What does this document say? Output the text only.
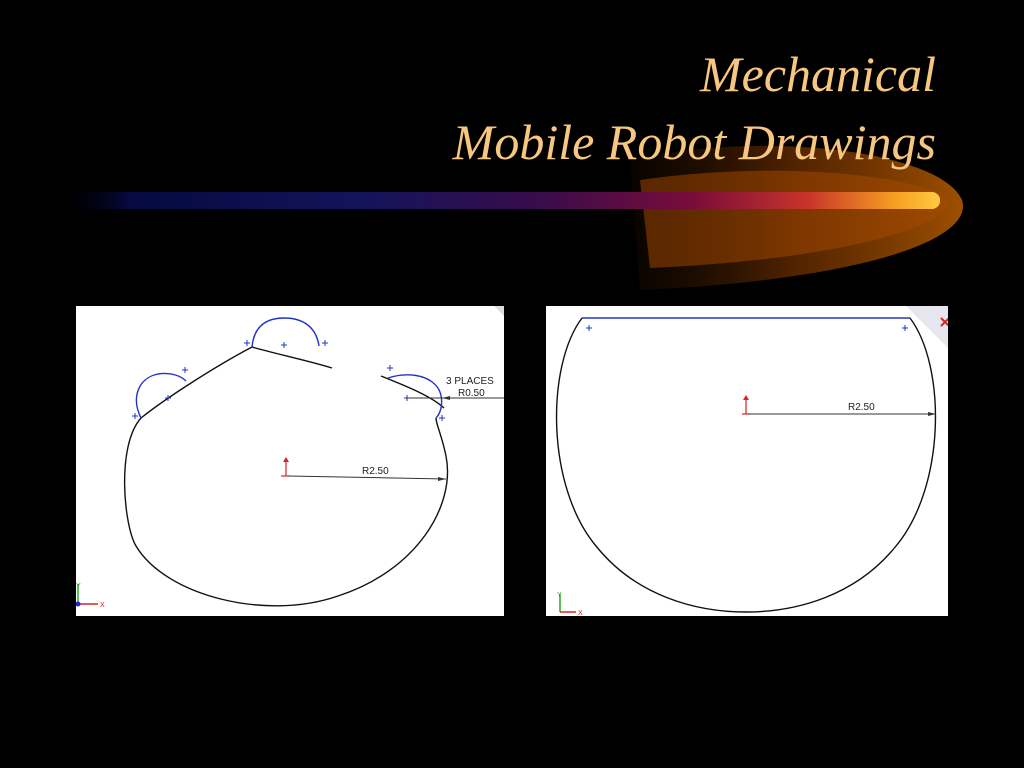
Mechanical
Mobile Robot Drawings
R2.50
3 PLACES
R0.50
Y
X
R2.50
Y
X
